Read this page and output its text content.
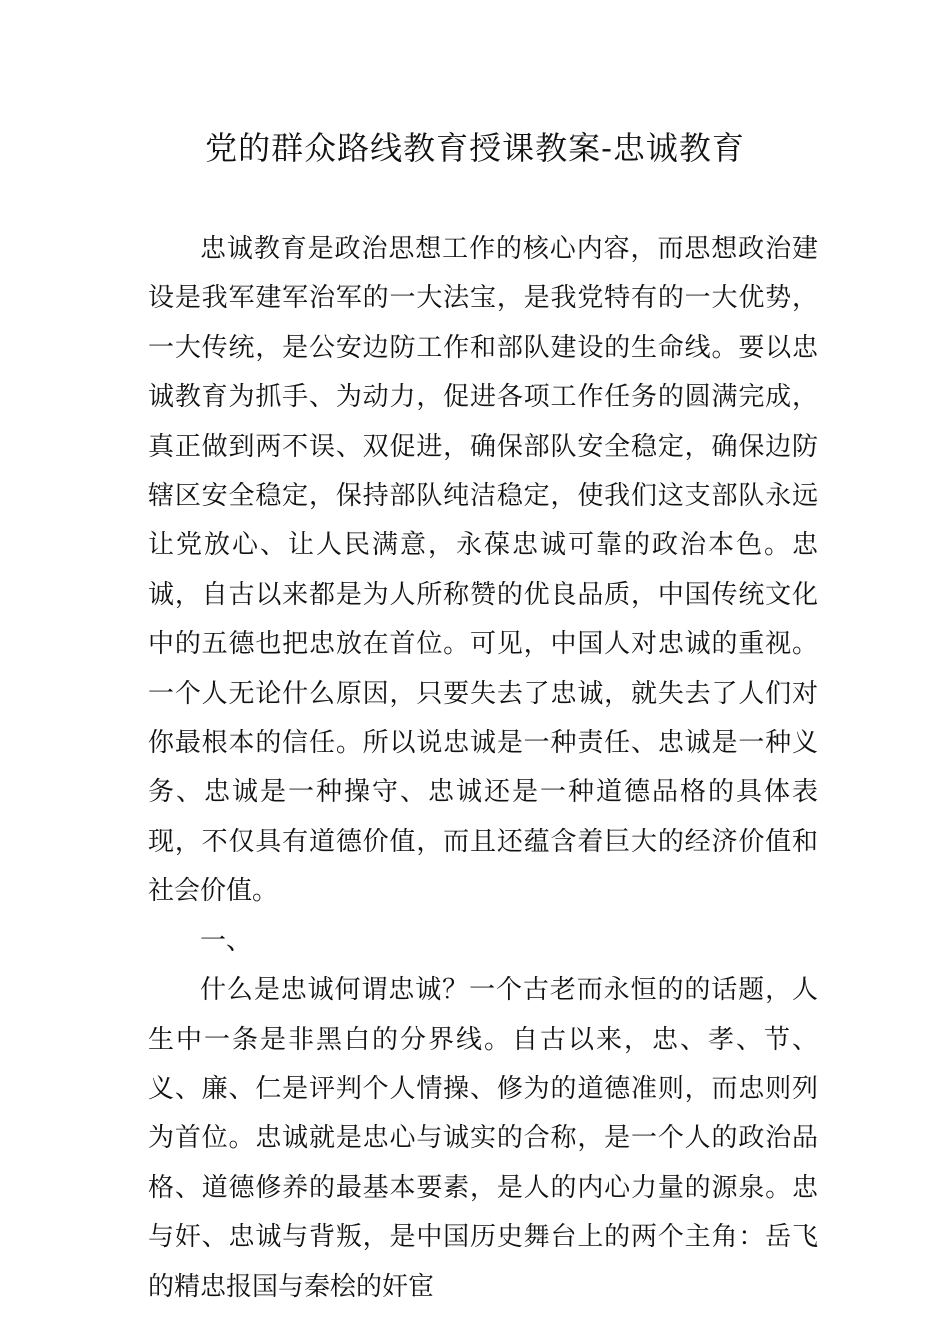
党的群众路线教育授课教案-忠诚教育

忠诚教育是政治思想工作的核心内容，而思想政治建设是我军建军治军的一大法宝，是我党特有的一大优势，一大传统，是公安边防工作和部队建设的生命线。要以忠诚教育为抓手、为动力，促进各项工作任务的圆满完成，真正做到两不误、双促进，确保部队安全稳定，确保边防辖区安全稳定，保持部队纯洁稳定，使我们这支部队永远让党放心、让人民满意，永葆忠诚可靠的政治本色。忠诚，自古以来都是为人所称赞的优良品质，中国传统文化中的五德也把忠放在首位。可见，中国人对忠诚的重视。一个人无论什么原因，只要失去了忠诚，就失去了人们对你最根本的信任。所以说忠诚是一种责任、忠诚是一种义务、忠诚是一种操守、忠诚还是一种道德品格的具体表现，不仅具有道德价值，而且还蕴含着巨大的经济价值和社会价值。

一、

什么是忠诚何谓忠诚？一个古老而永恒的的话题，人生中一条是非黑白的分界线。自古以来，忠、孝、节、义、廉、仁是评判个人情操、修为的道德准则，而忠则列为首位。忠诚就是忠心与诚实的合称，是一个人的政治品格、道德修养的最基本要素，是人的内心力量的源泉。忠与奸、忠诚与背叛，是中国历史舞台上的两个主角：岳飞的精忠报国与秦桧的奸宦
